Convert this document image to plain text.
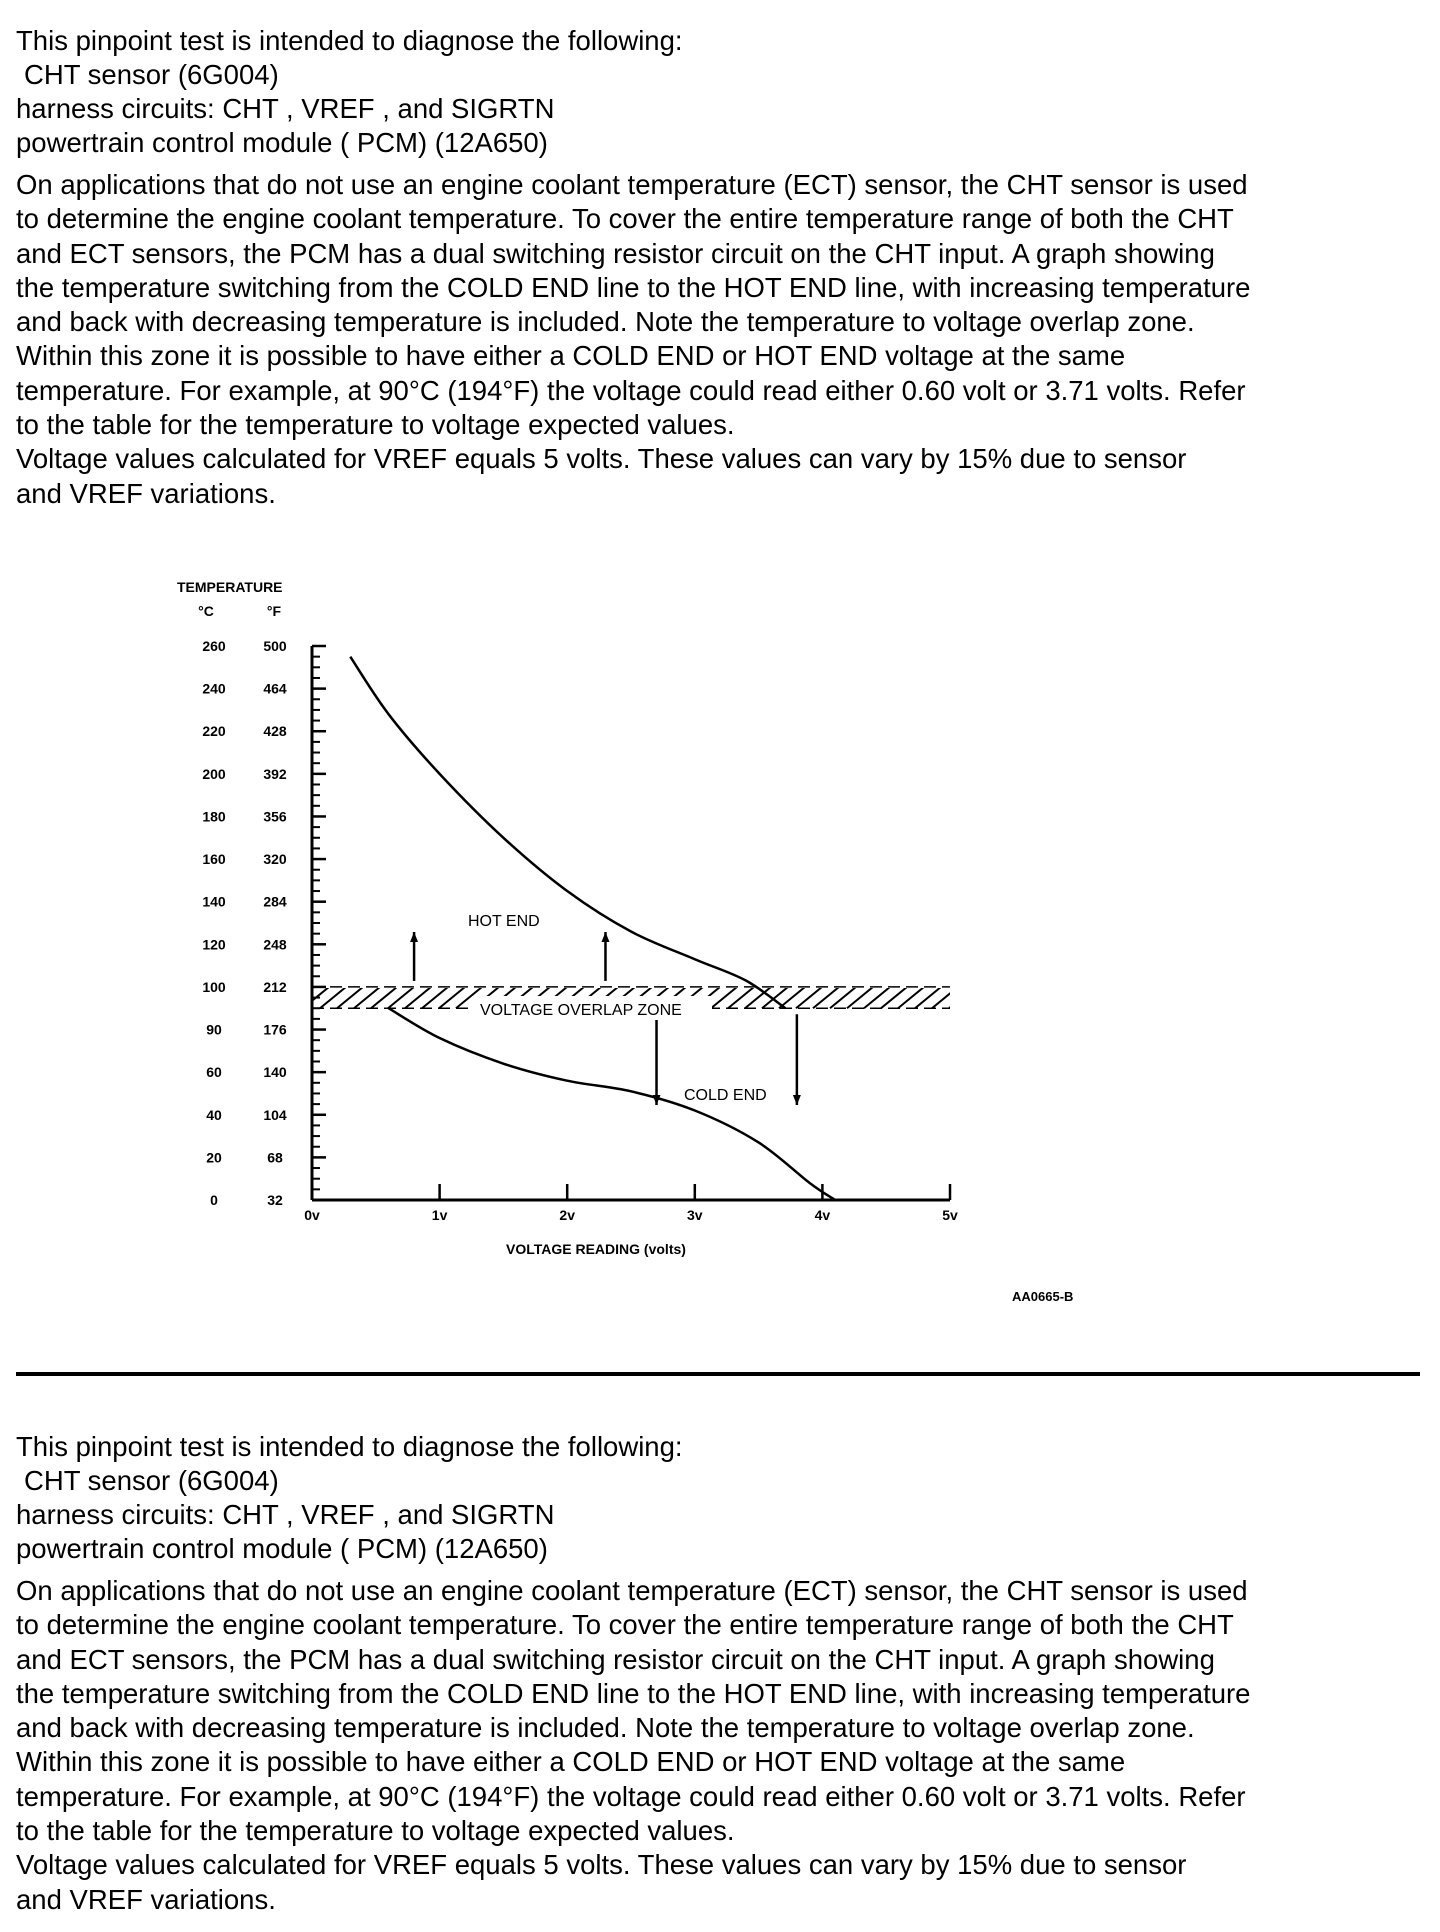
This pinpoint test is intended to diagnose the following:
CHT sensor (6G004)
harness circuits: CHT , VREF , and SIGRTN
powertrain control module ( PCM) (12A650)
On applications that do not use an engine coolant temperature (ECT) sensor, the CHT sensor is used
to determine the engine coolant temperature. To cover the entire temperature range of both the CHT
and ECT sensors, the PCM has a dual switching resistor circuit on the CHT input. A graph showing
the temperature switching from the COLD END line to the HOT END line, with increasing temperature
and back with decreasing temperature is included. Note the temperature to voltage overlap zone.
Within this zone it is possible to have either a COLD END or HOT END voltage at the same
temperature. For example, at 90°C (194°F) the voltage could read either 0.60 volt or 3.71 volts. Refer
to the table for the temperature to voltage expected values.
Voltage values calculated for VREF equals 5 volts. These values can vary by 15% due to sensor
and VREF variations.
260	500
240	464
220	428
200	392
180	356
160	320
140	284
120	248
100	212
90	176
60	140
40	104
20	68
0	32
0v	1v	2v	3v	4v	5v
TEMPERATURE
°C	°F
HOT END
VOLTAGE OVERLAP ZONE
COLD END
VOLTAGE READING (volts)
AA0665-B
This pinpoint test is intended to diagnose the following:
CHT sensor (6G004)
harness circuits: CHT , VREF , and SIGRTN
powertrain control module ( PCM) (12A650)
On applications that do not use an engine coolant temperature (ECT) sensor, the CHT sensor is used
to determine the engine coolant temperature. To cover the entire temperature range of both the CHT
and ECT sensors, the PCM has a dual switching resistor circuit on the CHT input. A graph showing
the temperature switching from the COLD END line to the HOT END line, with increasing temperature
and back with decreasing temperature is included. Note the temperature to voltage overlap zone.
Within this zone it is possible to have either a COLD END or HOT END voltage at the same
temperature. For example, at 90°C (194°F) the voltage could read either 0.60 volt or 3.71 volts. Refer
to the table for the temperature to voltage expected values.
Voltage values calculated for VREF equals 5 volts. These values can vary by 15% due to sensor
and VREF variations.
